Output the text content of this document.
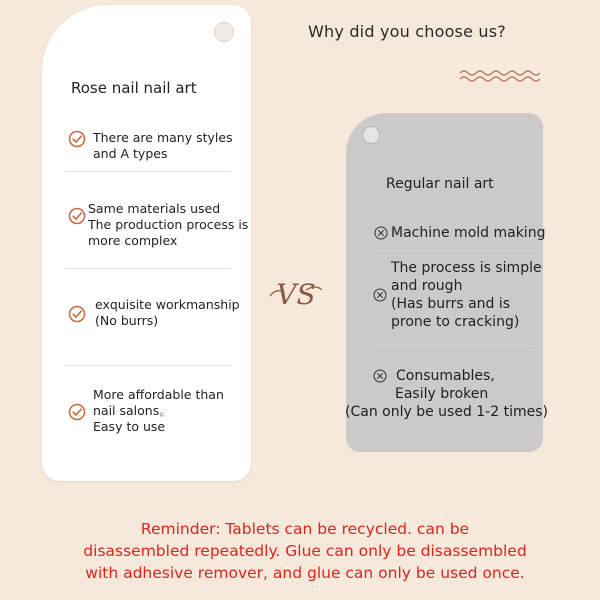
Why did you choose us?
Rose nail nail art
There are many styles
and A types
Same materials used
The production process is
more complex
exquisite workmanship
(No burrs)
More affordable than
nail salons。
Easy to use
VS
Regular nail art
Machine mold making
The process is simple
and rough
(Has burrs and is
prone to cracking)
Consumables,
Easily broken
(Can only be used 1-2 times)
Reminder: Tablets can be recycled. can be
disassembled repeatedly. Glue can only be disassembled
with adhesive remover, and glue can only be used once.
